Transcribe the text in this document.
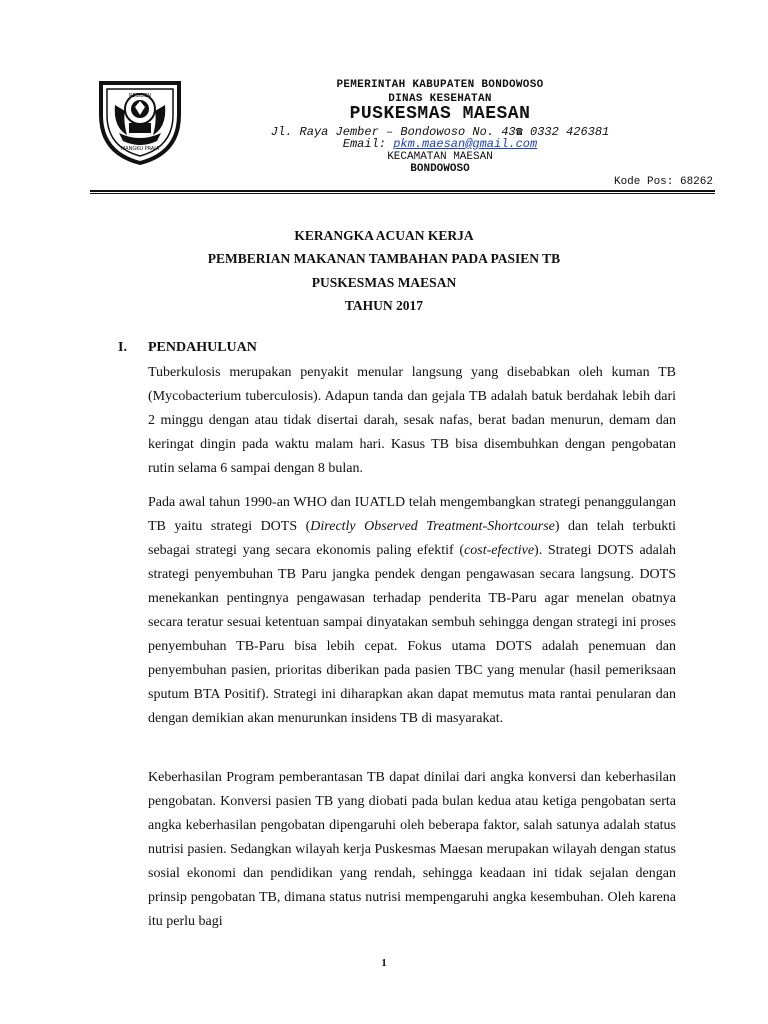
RESIDEN
MANGKU PRAJA
PEMERINTAH KABUPATEN BONDOWOSO
DINAS KESEHATAN
PUSKESMAS MAESAN
Jl. Raya Jember – Bondowoso No. 43☎ 0332 426381
Email: pkm.maesan@gmail.com
KECAMATAN MAESAN
BONDOWOSO
Kode Pos: 68262
KERANGKA ACUAN KERJA
PEMBERIAN MAKANAN TAMBAHAN PADA PASIEN TB
PUSKESMAS MAESAN
TAHUN 2017
I. PENDAHULUAN
Tuberkulosis merupakan penyakit menular langsung yang disebabkan oleh kuman TB (Mycobacterium tuberculosis). Adapun tanda dan gejala TB adalah batuk berdahak lebih dari 2 minggu dengan atau tidak disertai darah, sesak nafas, berat badan menurun, demam dan keringat dingin pada waktu malam hari. Kasus TB bisa disembuhkan dengan pengobatan rutin selama 6 sampai dengan 8 bulan.
Pada awal tahun 1990-an WHO dan IUATLD telah mengembangkan strategi penanggulangan TB yaitu strategi DOTS (Directly Observed Treatment-Shortcourse) dan telah terbukti sebagai strategi yang secara ekonomis paling efektif (cost-efective). Strategi DOTS adalah strategi penyembuhan TB Paru jangka pendek dengan pengawasan secara langsung. DOTS menekankan pentingnya pengawasan terhadap penderita TB-Paru agar menelan obatnya secara teratur sesuai ketentuan sampai dinyatakan sembuh sehingga dengan strategi ini proses penyembuhan TB-Paru bisa lebih cepat. Fokus utama DOTS adalah penemuan dan penyembuhan pasien, prioritas diberikan pada pasien TBC yang menular (hasil pemeriksaan sputum BTA Positif). Strategi ini diharapkan akan dapat memutus mata rantai penularan dan dengan demikian akan menurunkan insidens TB di masyarakat.
Keberhasilan Program pemberantasan TB dapat dinilai dari angka konversi dan keberhasilan pengobatan. Konversi pasien TB yang diobati pada bulan kedua atau ketiga pengobatan serta angka keberhasilan pengobatan dipengaruhi oleh beberapa faktor, salah satunya adalah status nutrisi pasien. Sedangkan wilayah kerja Puskesmas Maesan merupakan wilayah dengan status sosial ekonomi dan pendidikan yang rendah, sehingga keadaan ini tidak sejalan dengan prinsip pengobatan TB, dimana status nutrisi mempengaruhi angka kesembuhan. Oleh karena itu perlu bagi
1
